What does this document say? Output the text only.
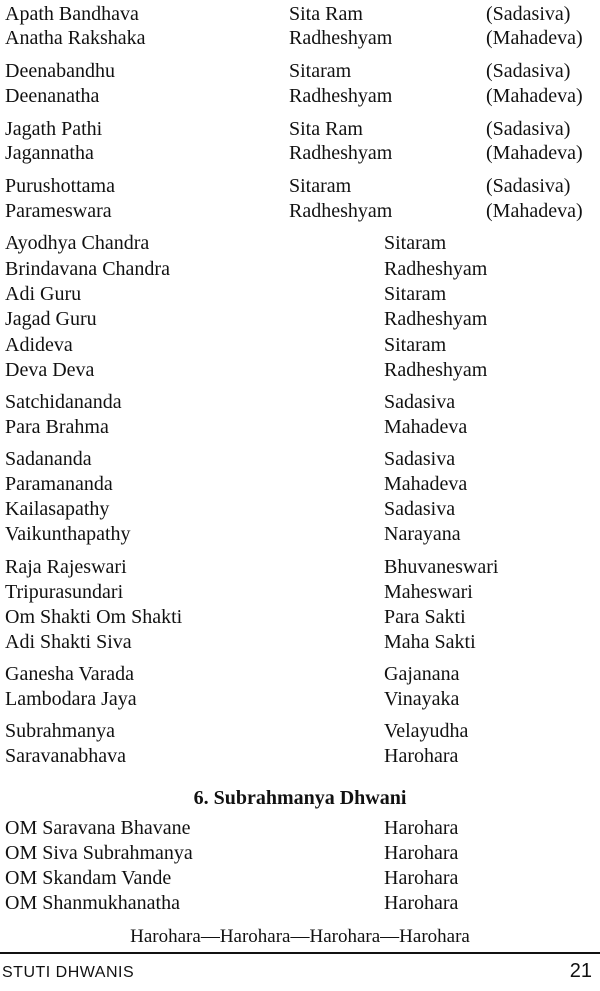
Apath Bandhava	Sita Ram	(Sadasiva)
Anatha Rakshaka	Radheshyam	(Mahadeva)
Deenabandhu	Sitaram	(Sadasiva)
Deenanatha	Radheshyam	(Mahadeva)
Jagath Pathi	Sita Ram	(Sadasiva)
Jagannatha	Radheshyam	(Mahadeva)
Purushottama	Sitaram	(Sadasiva)
Parameswara	Radheshyam	(Mahadeva)
Ayodhya Chandra	Sitaram
Brindavana Chandra	Radheshyam
Adi Guru	Sitaram
Jagad Guru	Radheshyam
Adideva	Sitaram
Deva Deva	Radheshyam
Satchidananda	Sadasiva
Para Brahma	Mahadeva
Sadananda	Sadasiva
Paramananda	Mahadeva
Kailasapathy	Sadasiva
Vaikunthapathy	Narayana
Raja Rajeswari	Bhuvaneswari
Tripurasundari	Maheswari
Om Shakti Om Shakti	Para Sakti
Adi Shakti Siva	Maha Sakti
Ganesha Varada	Gajanana
Lambodara Jaya	Vinayaka
Subrahmanya	Velayudha
Saravanabhava	Harohara
6. Subrahmanya Dhwani
OM Saravana Bhavane	Harohara
OM Siva Subrahmanya	Harohara
OM Skandam Vande	Harohara
OM Shanmukhanatha	Harohara
Harohara—Harohara—Harohara—Harohara
STUTI DHWANIS	21
